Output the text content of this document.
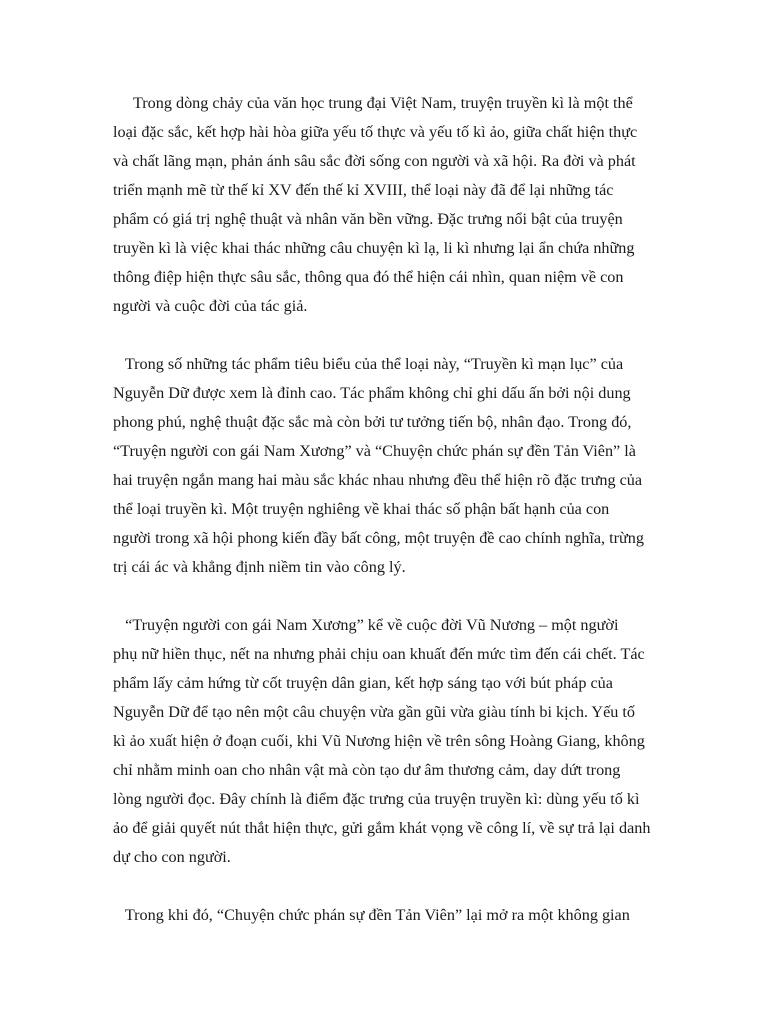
Trong dòng chảy của văn học trung đại Việt Nam, truyện truyền kì là một thể
loại đặc sắc, kết hợp hài hòa giữa yếu tố thực và yếu tố kì ảo, giữa chất hiện thực
và chất lãng mạn, phản ánh sâu sắc đời sống con người và xã hội. Ra đời và phát
triển mạnh mẽ từ thế kỉ XV đến thế kỉ XVIII, thể loại này đã để lại những tác
phẩm có giá trị nghệ thuật và nhân văn bền vững. Đặc trưng nổi bật của truyện
truyền kì là việc khai thác những câu chuyện kì lạ, li kì nhưng lại ẩn chứa những
thông điệp hiện thực sâu sắc, thông qua đó thể hiện cái nhìn, quan niệm về con
người và cuộc đời của tác giả.

Trong số những tác phẩm tiêu biểu của thể loại này, “Truyền kì mạn lục” của
Nguyễn Dữ được xem là đỉnh cao. Tác phẩm không chỉ ghi dấu ấn bởi nội dung
phong phú, nghệ thuật đặc sắc mà còn bởi tư tưởng tiến bộ, nhân đạo. Trong đó,
“Truyện người con gái Nam Xương” và “Chuyện chức phán sự đền Tản Viên” là
hai truyện ngắn mang hai màu sắc khác nhau nhưng đều thể hiện rõ đặc trưng của
thể loại truyền kì. Một truyện nghiêng về khai thác số phận bất hạnh của con
người trong xã hội phong kiến đầy bất công, một truyện đề cao chính nghĩa, trừng
trị cái ác và khẳng định niềm tin vào công lý.

“Truyện người con gái Nam Xương” kể về cuộc đời Vũ Nương – một người
phụ nữ hiền thục, nết na nhưng phải chịu oan khuất đến mức tìm đến cái chết. Tác
phẩm lấy cảm hứng từ cốt truyện dân gian, kết hợp sáng tạo với bút pháp của
Nguyễn Dữ để tạo nên một câu chuyện vừa gần gũi vừa giàu tính bi kịch. Yếu tố
kì ảo xuất hiện ở đoạn cuối, khi Vũ Nương hiện về trên sông Hoàng Giang, không
chỉ nhằm minh oan cho nhân vật mà còn tạo dư âm thương cảm, day dứt trong
lòng người đọc. Đây chính là điểm đặc trưng của truyện truyền kì: dùng yếu tố kì
ảo để giải quyết nút thắt hiện thực, gửi gắm khát vọng về công lí, về sự trả lại danh
dự cho con người.

Trong khi đó, “Chuyện chức phán sự đền Tản Viên” lại mở ra một không gian
